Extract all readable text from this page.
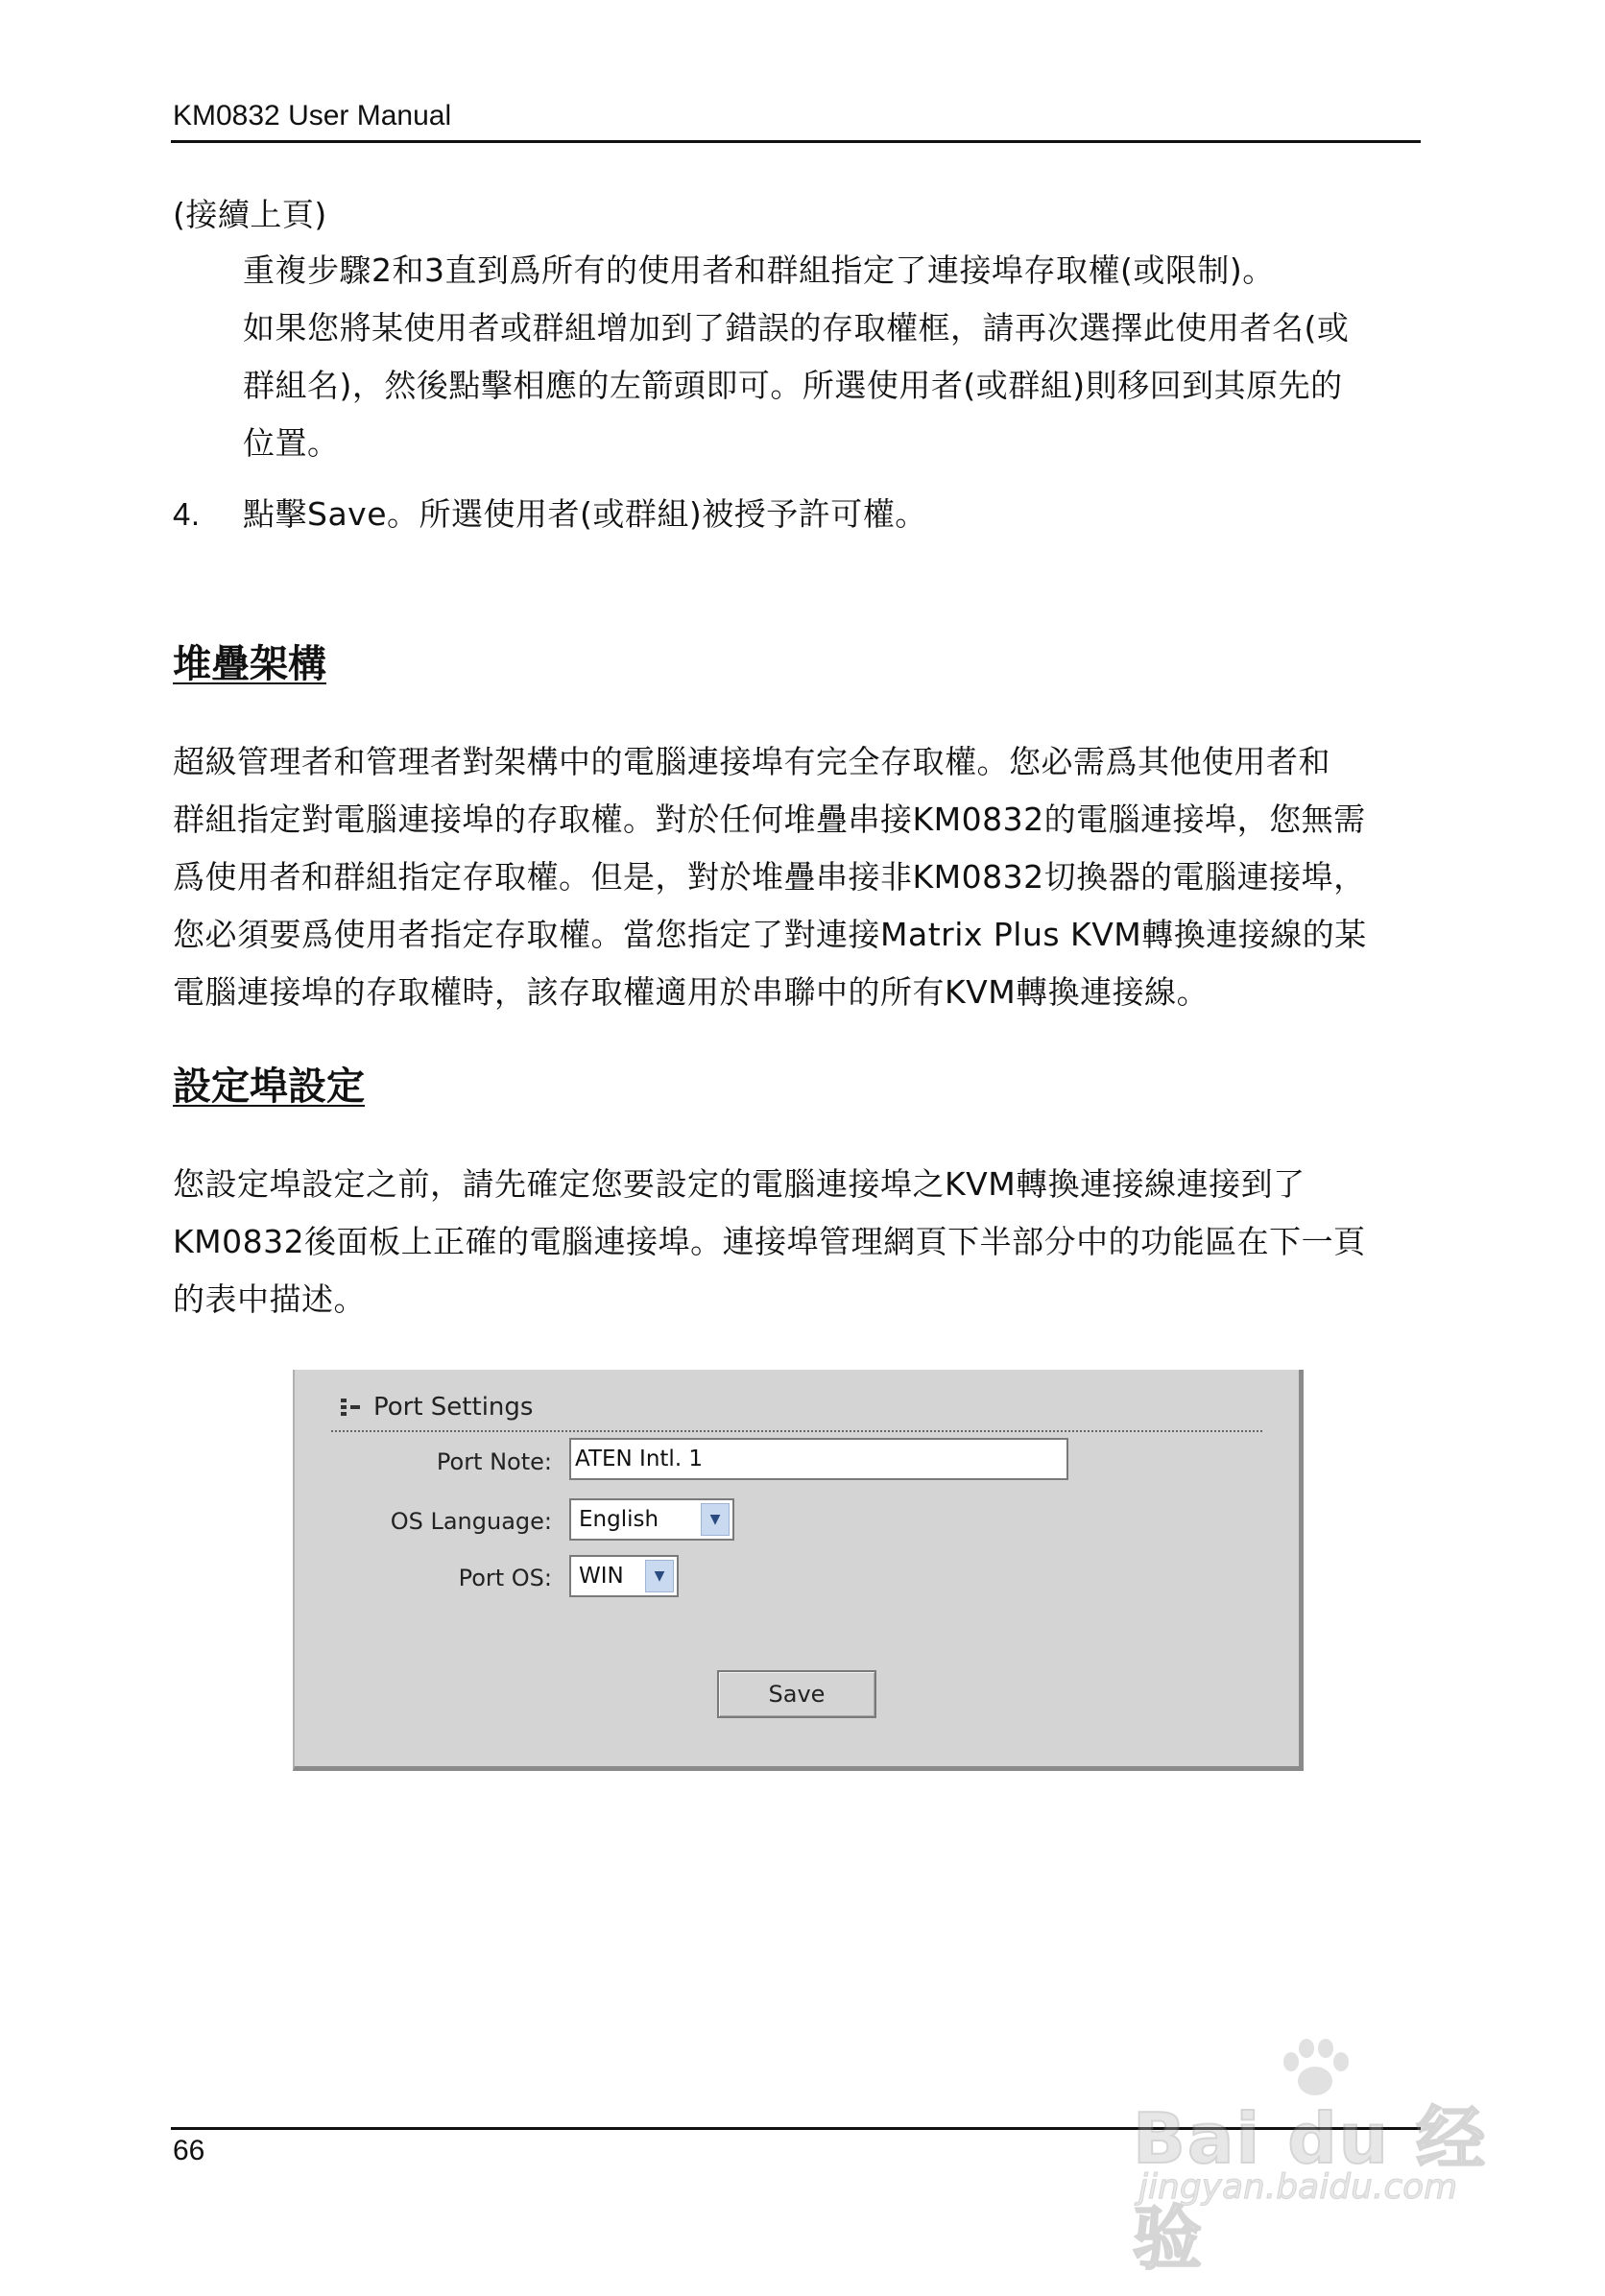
KM0832 User Manual

(接續上頁)

重複步驟2和3直到爲所有的使用者和群組指定了連接埠存取權(或限制)。
如果您將某使用者或群組增加到了錯誤的存取權框，請再次選擇此使用者名(或
群組名)，然後點擊相應的左箭頭即可。所選使用者(或群組)則移回到其原先的
位置。
4. 點擊Save。所選使用者(或群組)被授予許可權。
堆疊架構
超級管理者和管理者對架構中的電腦連接埠有完全存取權。您必需爲其他使用者和
群組指定對電腦連接埠的存取權。對於任何堆疊串接KM0832的電腦連接埠，您無需
爲使用者和群組指定存取權。但是，對於堆疊串接非KM0832切換器的電腦連接埠，
您必須要爲使用者指定存取權。當您指定了對連接Matrix Plus KVM轉換連接線的某
電腦連接埠的存取權時，該存取權適用於串聯中的所有KVM轉換連接線。
設定埠設定
您設定埠設定之前，請先確定您要設定的電腦連接埠之KVM轉換連接線連接到了
KM0832後面板上正確的電腦連接埠。連接埠管理網頁下半部分中的功能區在下一頁
的表中描述。
Port Settings
Port Note:
ATEN Intl. 1
OS Language:	English	▼
Port OS:	WIN	▼
Save
66	Bai du 经验
jingyan.baidu.com
